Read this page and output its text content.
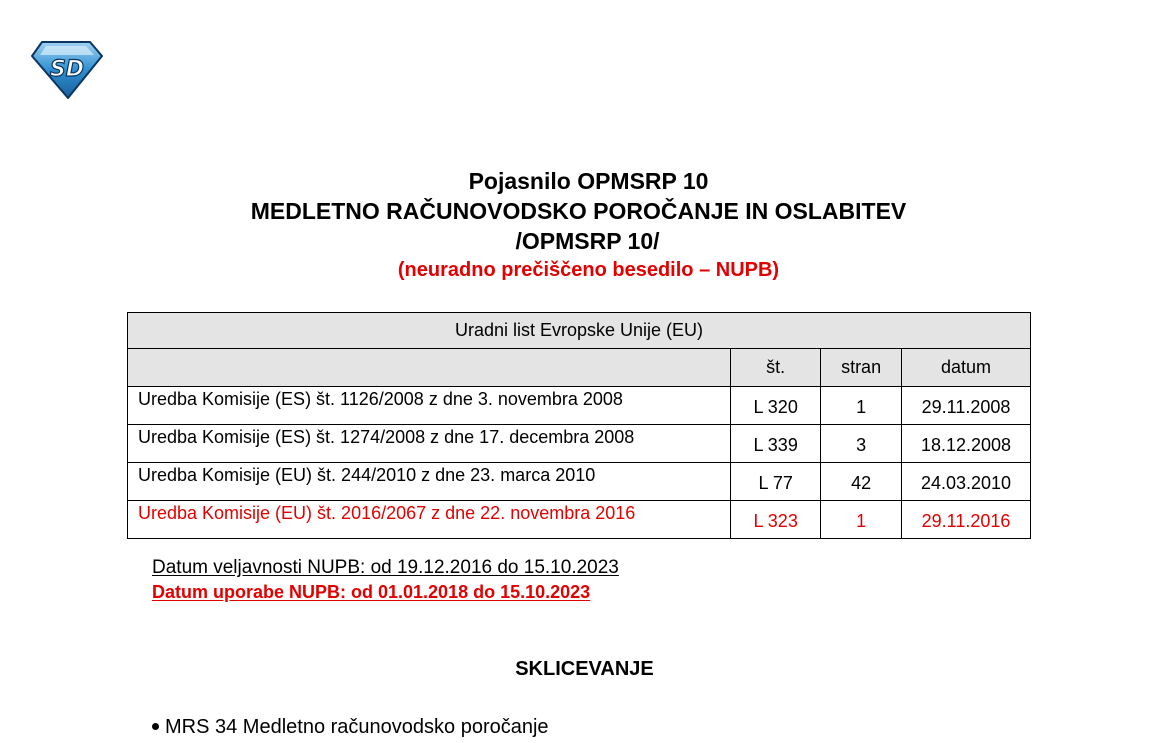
SD
Pojasnilo OPMSRP 10
MEDLETNO RAČUNOVODSKO POROČANJE IN OSLABITEV
/OPMSRP 10/
(neuradno prečiščeno besedilo – NUPB)
Uradni list Evropske Unije (EU)			
	št.	stran	datum
Uredba Komisije (ES) št. 1126/2008 z dne 3. novembra 2008	L 320	1	29.11.2008
Uredba Komisije (ES) št. 1274/2008 z dne 17. decembra 2008	L 339	3	18.12.2008
Uredba Komisije (EU) št. 244/2010 z dne 23. marca 2010	L 77	42	24.03.2010
Uredba Komisije (EU) št. 2016/2067 z dne 22. novembra 2016	L 323	1	29.11.2016
Datum veljavnosti NUPB: od 19.12.2016 do 15.10.2023
Datum uporabe NUPB: od 01.01.2018 do 15.10.2023
SKLICEVANJE
MRS 34 Medletno računovodsko poročanje
